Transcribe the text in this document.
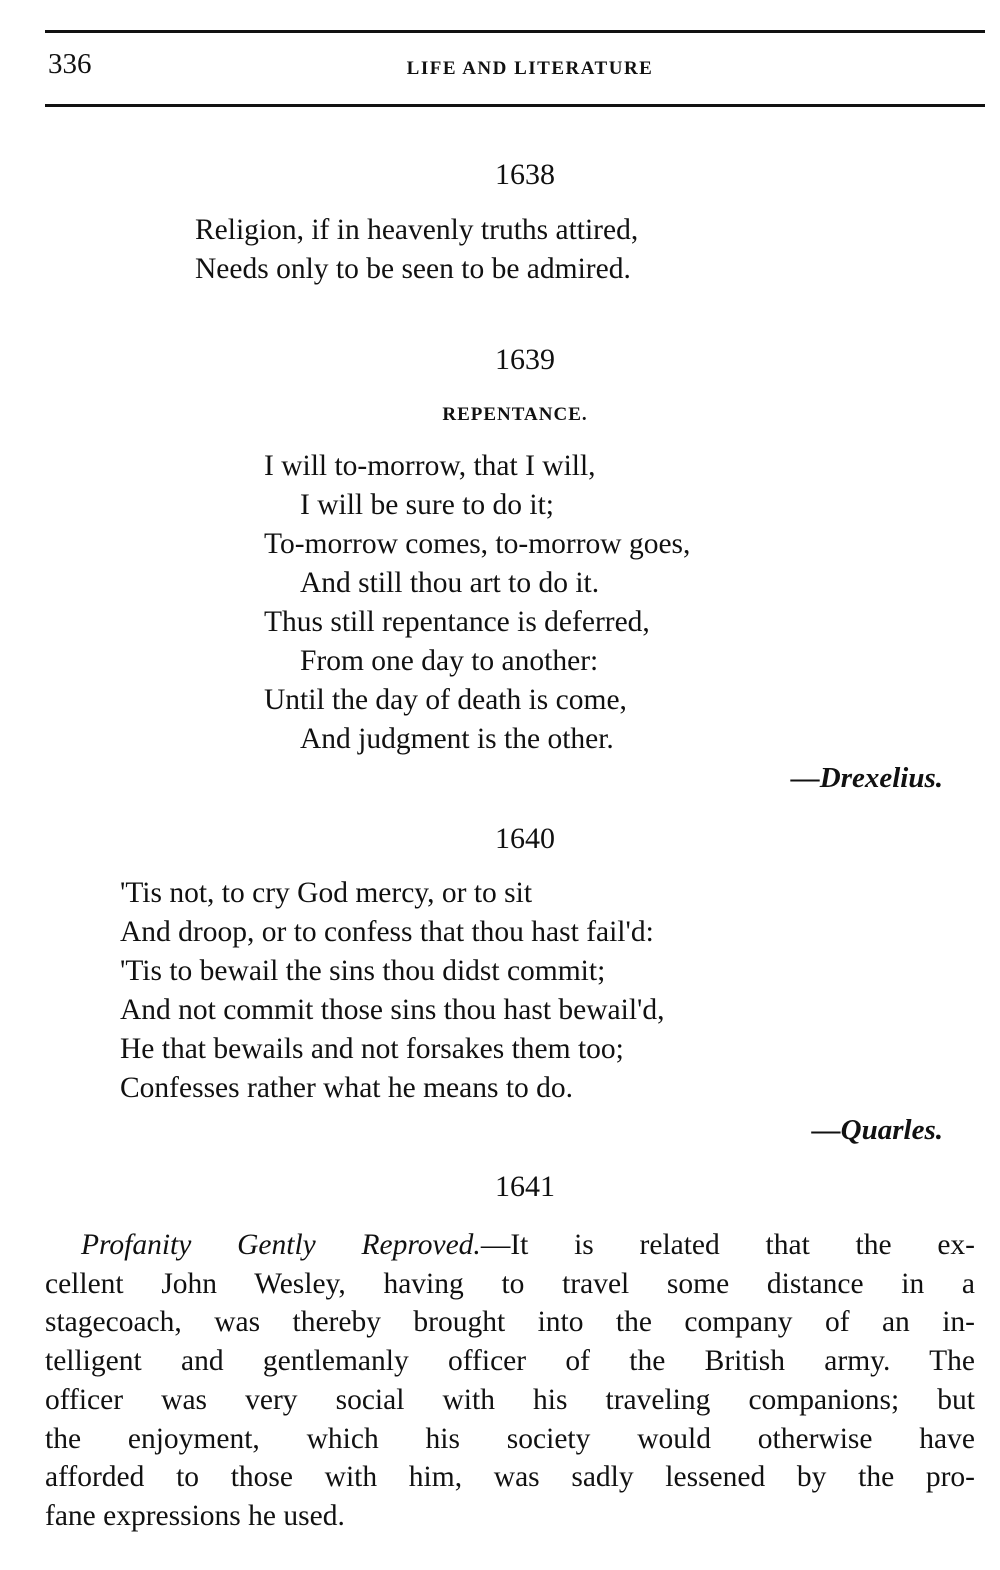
336	LIFE AND LITERATURE
1638
Religion, if in heavenly truths attired,
Needs only to be seen to be admired.
1639
REPENTANCE.
I will to-morrow, that I will,
I will be sure to do it;
To-morrow comes, to-morrow goes,
And still thou art to do it.
Thus still repentance is deferred,
From one day to another:
Until the day of death is come,
And judgment is the other.
—Drexelius.
1640
'Tis not, to cry God mercy, or to sit
And droop, or to confess that thou hast fail'd:
'Tis to bewail the sins thou didst commit;
And not commit those sins thou hast bewail'd,
He that bewails and not forsakes them too;
Confesses rather what he means to do.
—Quarles.
1641
Profanity Gently Reproved.—It is related that the ex-
cellent John Wesley, having to travel some distance in a
stagecoach, was thereby brought into the company of an in-
telligent and gentlemanly officer of the British army. The
officer was very social with his traveling companions; but
the enjoyment, which his society would otherwise have
afforded to those with him, was sadly lessened by the pro-
fane expressions he used.
